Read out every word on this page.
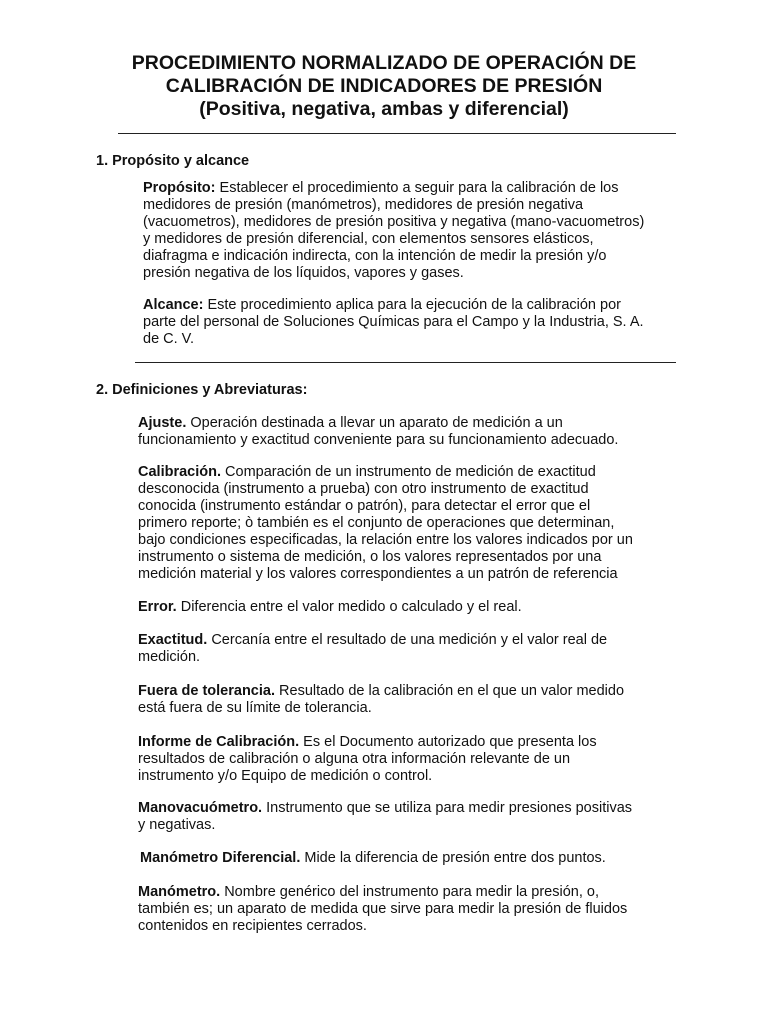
PROCEDIMIENTO NORMALIZADO DE OPERACIÓN DE
CALIBRACIÓN DE INDICADORES DE PRESIÓN
(Positiva, negativa, ambas y diferencial)
1. Propósito y alcance

Propósito: Establecer el procedimiento a seguir para la calibración de los
medidores de presión (manómetros), medidores de presión negativa
(vacuometros), medidores de presión positiva y negativa (mano-vacuometros)
y medidores de presión diferencial, con elementos sensores elásticos,
diafragma e indicación indirecta, con la intención de medir la presión y/o
presión negativa de los líquidos, vapores y gases.

Alcance: Este procedimiento aplica para la ejecución de la calibración por
parte del personal de Soluciones Químicas para el Campo y la Industria, S. A.
de C. V.

2. Definiciones y Abreviaturas:

Ajuste. Operación destinada a llevar un aparato de medición a un
funcionamiento y exactitud conveniente para su funcionamiento adecuado.

Calibración. Comparación de un instrumento de medición de exactitud
desconocida (instrumento a prueba) con otro instrumento de exactitud
conocida (instrumento estándar o patrón), para detectar el error que el
primero reporte; ò también es el conjunto de operaciones que determinan,
bajo condiciones especificadas, la relación entre los valores indicados por un
instrumento o sistema de medición, o los valores representados por una
medición material y los valores correspondientes a un patrón de referencia

Error. Diferencia entre el valor medido o calculado y el real.

Exactitud. Cercanía entre el resultado de una medición y el valor real de
medición.

Fuera de tolerancia. Resultado de la calibración en el que un valor medido
está fuera de su límite de tolerancia.

Informe de Calibración. Es el Documento autorizado que presenta los
resultados de calibración o alguna otra información relevante de un
instrumento y/o Equipo de medición o control.

Manovacuómetro. Instrumento que se utiliza para medir presiones positivas
y negativas.

Manómetro Diferencial. Mide la diferencia de presión entre dos puntos.

Manómetro. Nombre genérico del instrumento para medir la presión, o,
también es; un aparato de medida que sirve para medir la presión de fluidos
contenidos en recipientes cerrados.
